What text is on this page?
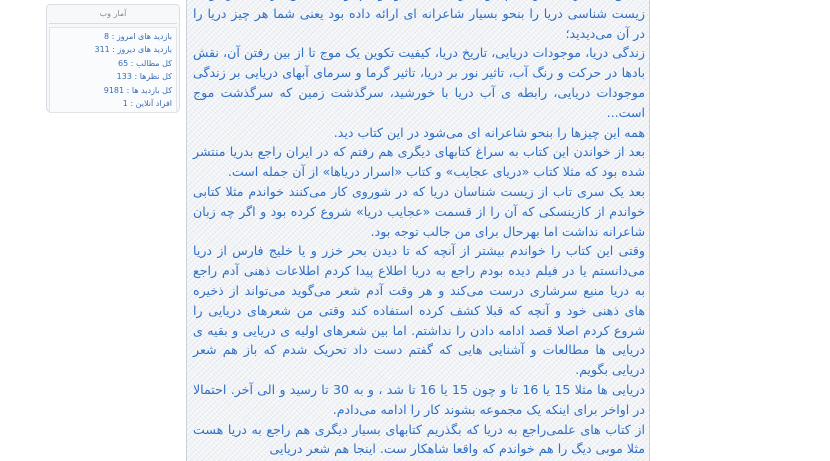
آمار وب
بازدید های امروز : 8
بازدید های دیروز : 311
کل مطالب : 65
کل نظرها : 133
کل بازدید ها : 9181
افراد آنلاین : 1

زیست شناسی دریا را بنحو بسیار شاعرانه ای ارائه داده بود یعنی شما هر چیز دریا را در آن می‌دیدید؛

زندگی دریا، موجودات دریایی، تاریخ دریا، کیفیت تکوین یک موج تا از بین رفتن آن، نقش بادها در حرکت و رنگ آب، تاثیر نور بر دریا، تاثیر گرما و سرمای آبهای دریایی بر زندگی موجودات دریایی، رابطه ی آب دریا با خورشید، سرگذشت زمین که سرگذشت موج است...

همه این چیزها را بنحو شاعرانه ای می‌شود در این کتاب دید.

بعد از خواندن این کتاب به سراغ کتابهای دیگری هم رفتم که در ایران راجع بدریا منتشر شده بود که مثلا کتاب «دریای عجایب» و کتاب «اسرار دریاها» از آن جمله است.

بعد یک سری تاب از زیست شناسان دریا که در شوروی کار می‌کنند خواندم مثلا کتابی خواندم از کازینسکی که آن را از قسمت «عجایب دریا» شروع کرده بود و اگر چه زبان شاعرانه نداشت اما بهرحال برای من جالب توجه بود.

وقتی این کتاب را خواندم بیشتر از آنچه که تا دیدن بحر خزر و یا خلیج فارس از دریا می‌دانستم یا در فیلم دیده بودم راجع به دریا اطلاع پیدا کردم اطلاعات ذهنی آدم راجع به دریا منبع سرشاری درست می‌کند و هر وقت آدم شعر می‌گوید می‌تواند از ذخیره های ذهنی خود و آنچه که قبلا کشف کرده استفاده کند وقتی من شعرهای دریایی را شروع کردم اصلا قصد ادامه دادن را نداشتم. اما بین شعرهای اولیه ی دریایی و بقیه ی دریایی ها مطالعات و آشنایی هایی که گفتم دست داد تحریک شدم که باز هم شعر دریایی بگویم.

دریایی ها مثلا 15 یا 16 تا و چون 15 یا 16 تا شد ، و به 30 تا رسید و الی آخر. احتمالا در اواخر برای اینکه یک مجموعه بشوند کار را ادامه می‌دادم.

از کتاب های علمی‌راجع به دریا که بگذریم کتابهای بسیار دیگری هم راجع به دریا هست مثلا موبی دیگ را هم خواندم که واقعا شاهکار ست. اینجا هم شعر دریایی
